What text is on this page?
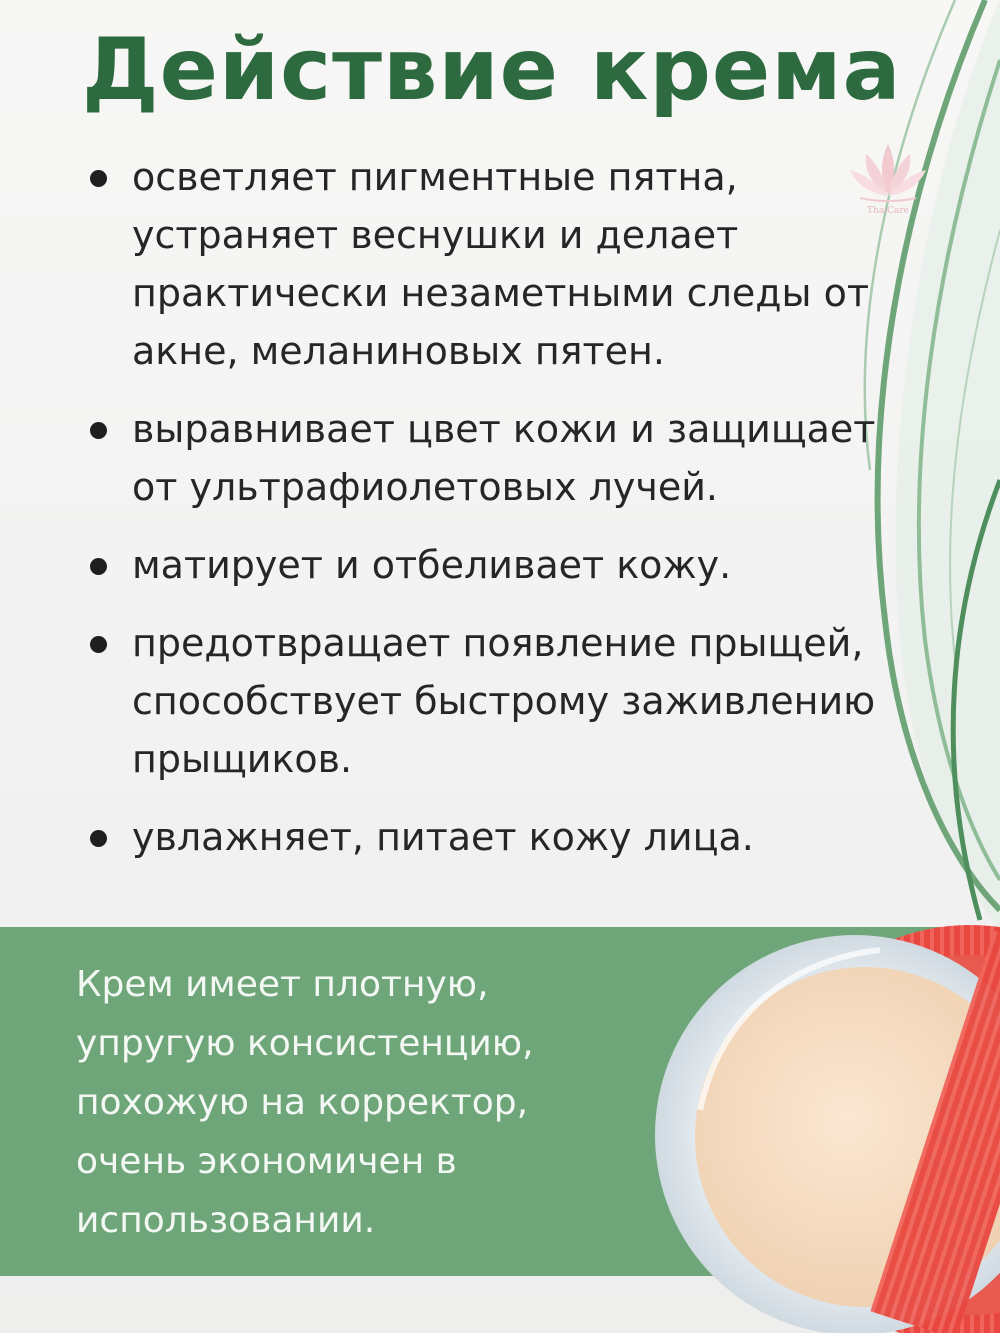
Действие крема
ThaiCare
осветляет пигментные пятна, устраняет веснушки и делает практически незаметными следы от акне, меланиновых пятен.
выравнивает цвет кожи и защищает от ультрафиолетовых лучей.
матирует и отбеливает кожу.
предотвращает появление прыщей, способствует быстрому заживлению прыщиков.
увлажняет, питает кожу лица.

Крем имеет плотную, упругую консистенцию, похожую на корректор, очень экономичен в использовании.
